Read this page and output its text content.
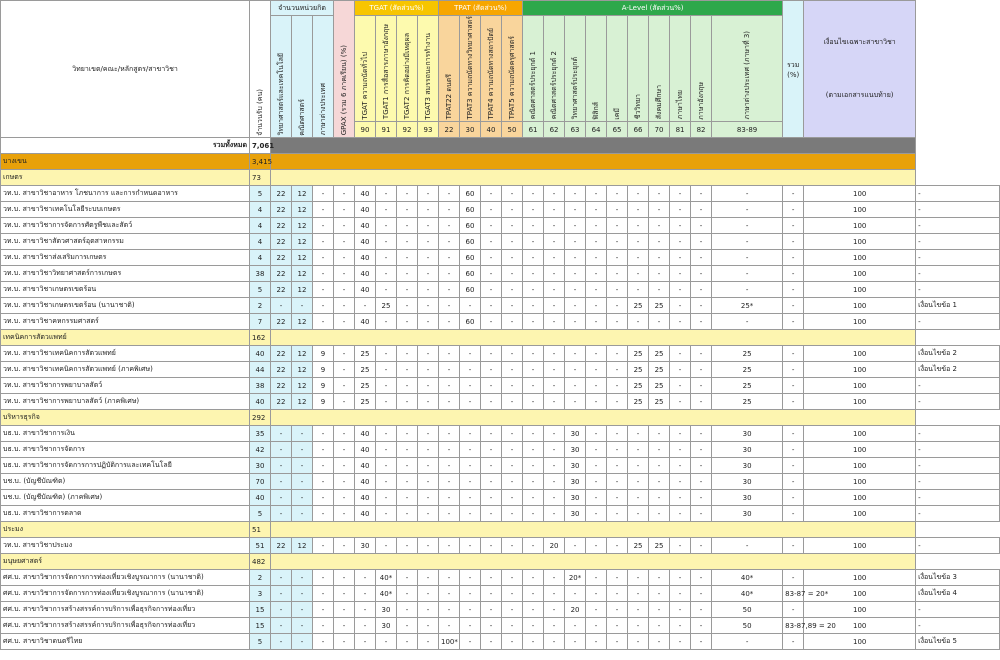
วิทยาเขต/คณะ/หลักสูตร/สาขาวิชา	จำนวนรับ (คน)	จำนวนหน่วยกิต			GPAX (รวม 6 ภาคเรียน) (%)	TGAT (สัดส่วน%)				TPAT (สัดส่วน%)				A-Level (สัดส่วน%)										รวม (%)	เงื่อนไขเฉพาะสาขาวิชา
(ตามเอกสารแนบท้าย)	

		วิทยาศาสตร์และเทคโนโลยี	คณิตศาสตร์	ภาษาต่างประเทศ		TGAT ความถนัดทั่วไป	TGAT1 การสื่อสารภาษาอังกฤษ	TGAT2 การคิดอย่างมีเหตุผล	TGAT3 สมรรถนะการทำงาน	TPAT22 ดนตรี	TPAT3 ความถนัดทางวิทยาศาสตร์	TPAT4 ความถนัดทางสถาปัตย์	TPAT5 ความถนัดครุศาสตร์	คณิตศาสตร์ประยุกต์ 1	คณิตศาสตร์ประยุกต์ 2	วิทยาศาสตร์ประยุกต์	ฟิสิกส์	เคมี	ชีววิทยา	สังคมศึกษา	ภาษาไทย	ภาษาอังกฤษ	ภาษาต่างประเทศ (ภาษาที่ 3)			
						90	91	92	93	22	30	40	50	61	62	63	64	65	66	70	81	82	83-89			
รวมทั้งหมด	7,061																									
บางเขน	3,415																									
เกษตร	73																									
วท.บ. สาขาวิชาอาหาร โภชนาการ และการกำหนดอาหาร	5	22	12	-	-	40	-	-	-	-	60	-	-	-	-	-	-	-	-	-	-	-	-	-	100	-
วท.บ. สาขาวิชาเทคโนโลยีระบบเกษตร	4	22	12	-	-	40	-	-	-	-	60	-	-	-	-	-	-	-	-	-	-	-	-	-	100	-
วท.บ. สาขาวิชาการจัดการศัตรูพืชและสัตว์	4	22	12	-	-	40	-	-	-	-	60	-	-	-	-	-	-	-	-	-	-	-	-	-	100	-
วท.บ. สาขาวิชาสัตวศาสตร์อุตสาหกรรม	4	22	12	-	-	40	-	-	-	-	60	-	-	-	-	-	-	-	-	-	-	-	-	-	100	-
วท.บ. สาขาวิชาส่งเสริมการเกษตร	4	22	12	-	-	40	-	-	-	-	60	-	-	-	-	-	-	-	-	-	-	-	-	-	100	-
วท.บ. สาขาวิชาวิทยาศาสตร์การเกษตร	38	22	12	-	-	40	-	-	-	-	60	-	-	-	-	-	-	-	-	-	-	-	-	-	100	-
วท.บ. สาขาวิชาเกษตรเขตร้อน	5	22	12	-	-	40	-	-	-	-	60	-	-	-	-	-	-	-	-	-	-	-	-	-	100	-
วท.บ. สาขาวิชาเกษตรเขตร้อน (นานาชาติ)	2	-	-	-	-	-	25	-	-	-	-	-	-	-	-	-	-	-	25	25	-	-	25*	-	100	เงื่อนไขข้อ 1
วท.บ. สาขาวิชาคหกรรมศาสตร์	7	22	12	-	-	40	-	-	-	-	60	-	-	-	-	-	-	-	-	-	-	-	-	-	100	-
เทคนิคการสัตวแพทย์	162																									
วท.บ. สาขาวิชาเทคนิคการสัตวแพทย์	40	22	12	9	-	25	-	-	-	-	-	-	-	-	-	-	-	-	25	25	-	-	25	-	100	เงื่อนไขข้อ 2
วท.บ. สาขาวิชาเทคนิคการสัตวแพทย์ (ภาคพิเศษ)	44	22	12	9	-	25	-	-	-	-	-	-	-	-	-	-	-	-	25	25	-	-	25	-	100	เงื่อนไขข้อ 2
วท.บ. สาขาวิชาการพยาบาลสัตว์	38	22	12	9	-	25	-	-	-	-	-	-	-	-	-	-	-	-	25	25	-	-	25	-	100	-
วท.บ. สาขาวิชาการพยาบาลสัตว์ (ภาคพิเศษ)	40	22	12	9	-	25	-	-	-	-	-	-	-	-	-	-	-	-	25	25	-	-	25	-	100	-
บริหารธุรกิจ	292																									
บธ.บ. สาขาวิชาการเงิน	35	-	-	-	-	40	-	-	-	-	-	-	-	-	-	30	-	-	-	-	-	-	30	-	100	-
บธ.บ. สาขาวิชาการจัดการ	42	-	-	-	-	40	-	-	-	-	-	-	-	-	-	30	-	-	-	-	-	-	30	-	100	-
บธ.บ. สาขาวิชาการจัดการการปฏิบัติการและเทคโนโลยี	30	-	-	-	-	40	-	-	-	-	-	-	-	-	-	30	-	-	-	-	-	-	30	-	100	-
บช.บ. (บัญชีบัณฑิต)	70	-	-	-	-	40	-	-	-	-	-	-	-	-	-	30	-	-	-	-	-	-	30	-	100	-
บช.บ. (บัญชีบัณฑิต) (ภาคพิเศษ)	40	-	-	-	-	40	-	-	-	-	-	-	-	-	-	30	-	-	-	-	-	-	30	-	100	-
บธ.บ. สาขาวิชาการตลาด	5	-	-	-	-	40	-	-	-	-	-	-	-	-	-	30	-	-	-	-	-	-	30	-	100	-
ประมง	51																									
วท.บ. สาขาวิชาประมง	51	22	12	-	-	30	-	-	-	-	-	-	-	-	20	-	-	-	25	25	-	-	-	-	100	-
มนุษยศาสตร์	482																									
ศศ.บ. สาขาวิชาการจัดการการท่องเที่ยวเชิงบูรณาการ (นานาชาติ)	2	-	-	-	-	-	40*	-	-	-	-	-	-	-	-	20*	-	-	-	-	-	-	40*	-	100	เงื่อนไขข้อ 3
ศศ.บ. สาขาวิชาการจัดการการท่องเที่ยวเชิงบูรณาการ (นานาชาติ)	3	-	-	-	-	-	40*	-	-	-	-	-	-	-	-	-	-	-	-	-	-	-	40*	83-87 = 20*	100	เงื่อนไขข้อ 4
ศศ.บ. สาขาวิชาการสร้างสรรค์การบริการเพื่อธุรกิจการท่องเที่ยว	15	-	-	-	-	-	30	-	-	-	-	-	-	-	-	20	-	-	-	-	-	-	50	-	100	-
ศศ.บ. สาขาวิชาการสร้างสรรค์การบริการเพื่อธุรกิจการท่องเที่ยว	15	-	-	-	-	-	30	-	-	-	-	-	-	-	-	-	-	-	-	-	-	-	50	83-87,89 = 20	100	-
ศศ.บ. สาขาวิชาดนตรีไทย	5	-	-	-	-	-	-	-	-	100*	-	-	-	-	-	-	-	-	-	-	-	-	-	-	100	เงื่อนไขข้อ 5
